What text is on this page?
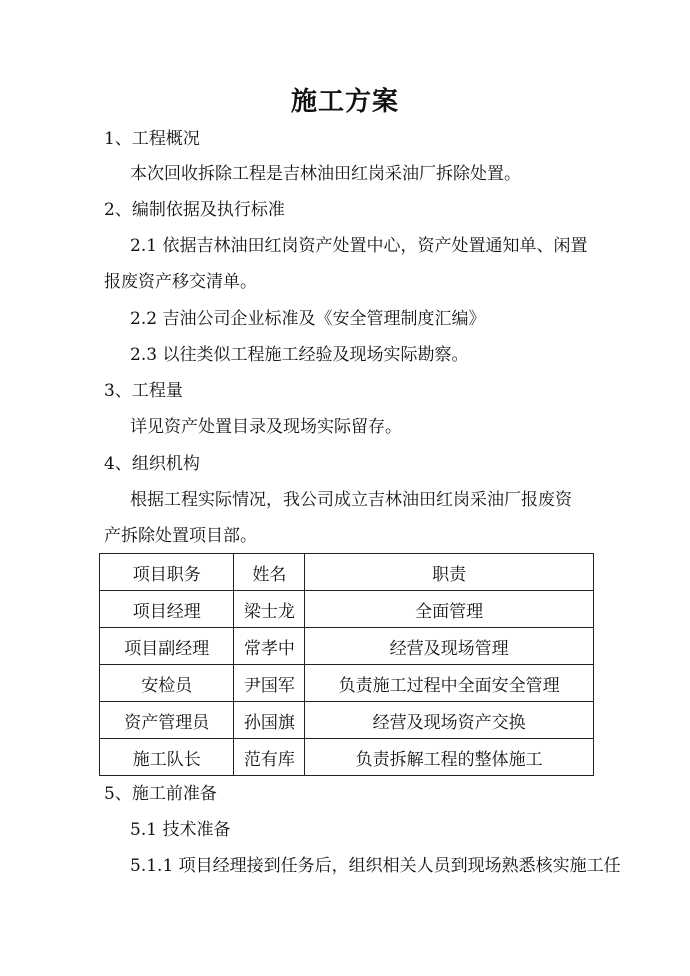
施工方案
1、工程概况
本次回收拆除工程是吉林油田红岗采油厂拆除处置。
2、编制依据及执行标准
2.1 依据吉林油田红岗资产处置中心，资产处置通知单、闲置
报废资产移交清单。
2.2 吉油公司企业标准及《安全管理制度汇编》
2.3 以往类似工程施工经验及现场实际勘察。
3、工程量
详见资产处置目录及现场实际留存。
4、组织机构
根据工程实际情况，我公司成立吉林油田红岗采油厂报废资
产拆除处置项目部。
项目职务	姓名	职责
项目经理	梁士龙	全面管理
项目副经理	常孝中	经营及现场管理
安检员	尹国军	负责施工过程中全面安全管理
资产管理员	孙国旗	经营及现场资产交换
施工队长	范有库	负责拆解工程的整体施工
5、施工前准备
5.1 技术准备
5.1.1 项目经理接到任务后，组织相关人员到现场熟悉核实施工任
